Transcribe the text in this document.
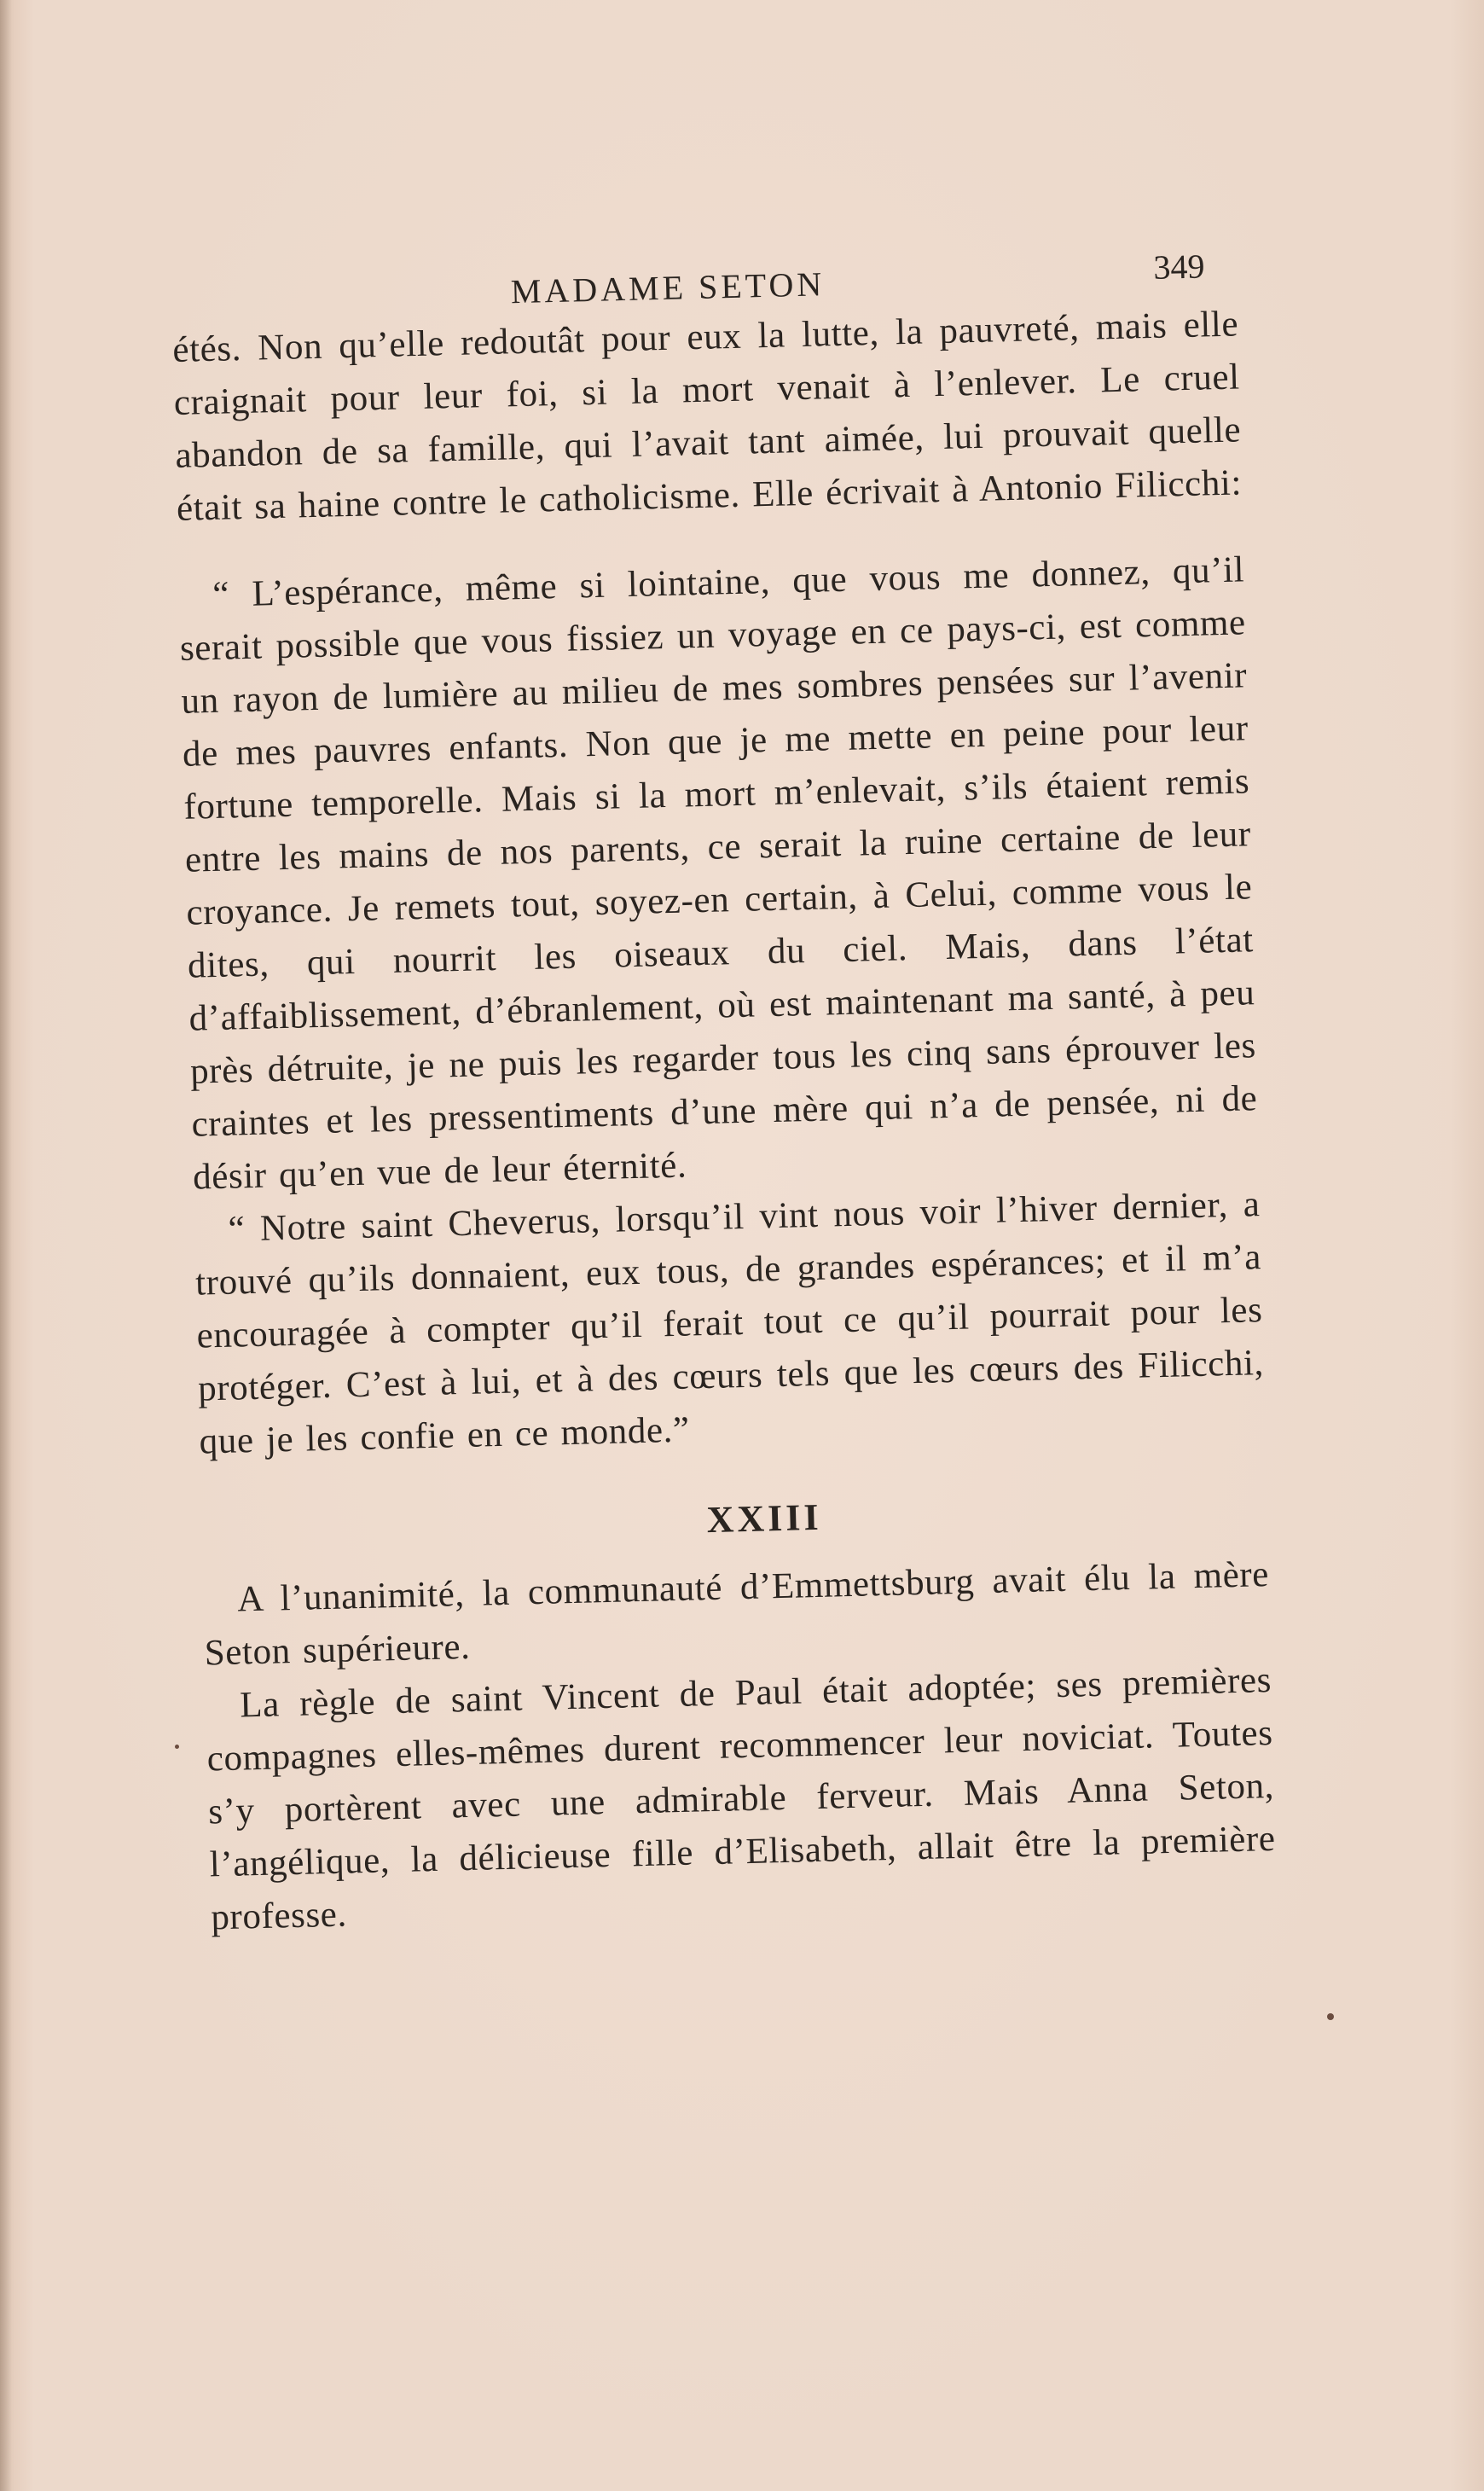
MADAME SETON	349

étés. Non qu’elle redoutât pour eux la lutte, la pauvreté, mais elle craignait pour leur foi, si la mort venait à l’enlever. Le cruel abandon de sa famille, qui l’avait tant aimée, lui prouvait quelle était sa haine contre le catholicisme. Elle écrivait à Antonio Filicchi:

“ L’espérance, même si lointaine, que vous me donnez, qu’il serait possible que vous fissiez un voyage en ce pays-ci, est comme un rayon de lumière au milieu de mes sombres pensées sur l’avenir de mes pauvres enfants. Non que je me mette en peine pour leur fortune temporelle. Mais si la mort m’enlevait, s’ils étaient remis entre les mains de nos parents, ce serait la ruine certaine de leur croyance. Je remets tout, soyez-en certain, à Celui, comme vous le dites, qui nourrit les oiseaux du ciel. Mais, dans l’état d’affaiblissement, d’ébranlement, où est maintenant ma santé, à peu près détruite, je ne puis les regarder tous les cinq sans éprouver les craintes et les pressentiments d’une mère qui n’a de pensée, ni de désir qu’en vue de leur éternité.

“ Notre saint Cheverus, lorsqu’il vint nous voir l’hiver dernier, a trouvé qu’ils donnaient, eux tous, de grandes espérances; et il m’a encouragée à compter qu’il ferait tout ce qu’il pourrait pour les protéger. C’est à lui, et à des cœurs tels que les cœurs des Filicchi, que je les confie en ce monde.”

XXIII

A l’unanimité, la communauté d’Emmettsburg avait élu la mère Seton supérieure.

La règle de saint Vincent de Paul était adoptée; ses premières compagnes elles-mêmes durent recommencer leur noviciat. Toutes s’y portèrent avec une admirable ferveur. Mais Anna Seton, l’angélique, la délicieuse fille d’Elisabeth, allait être la première professe.
